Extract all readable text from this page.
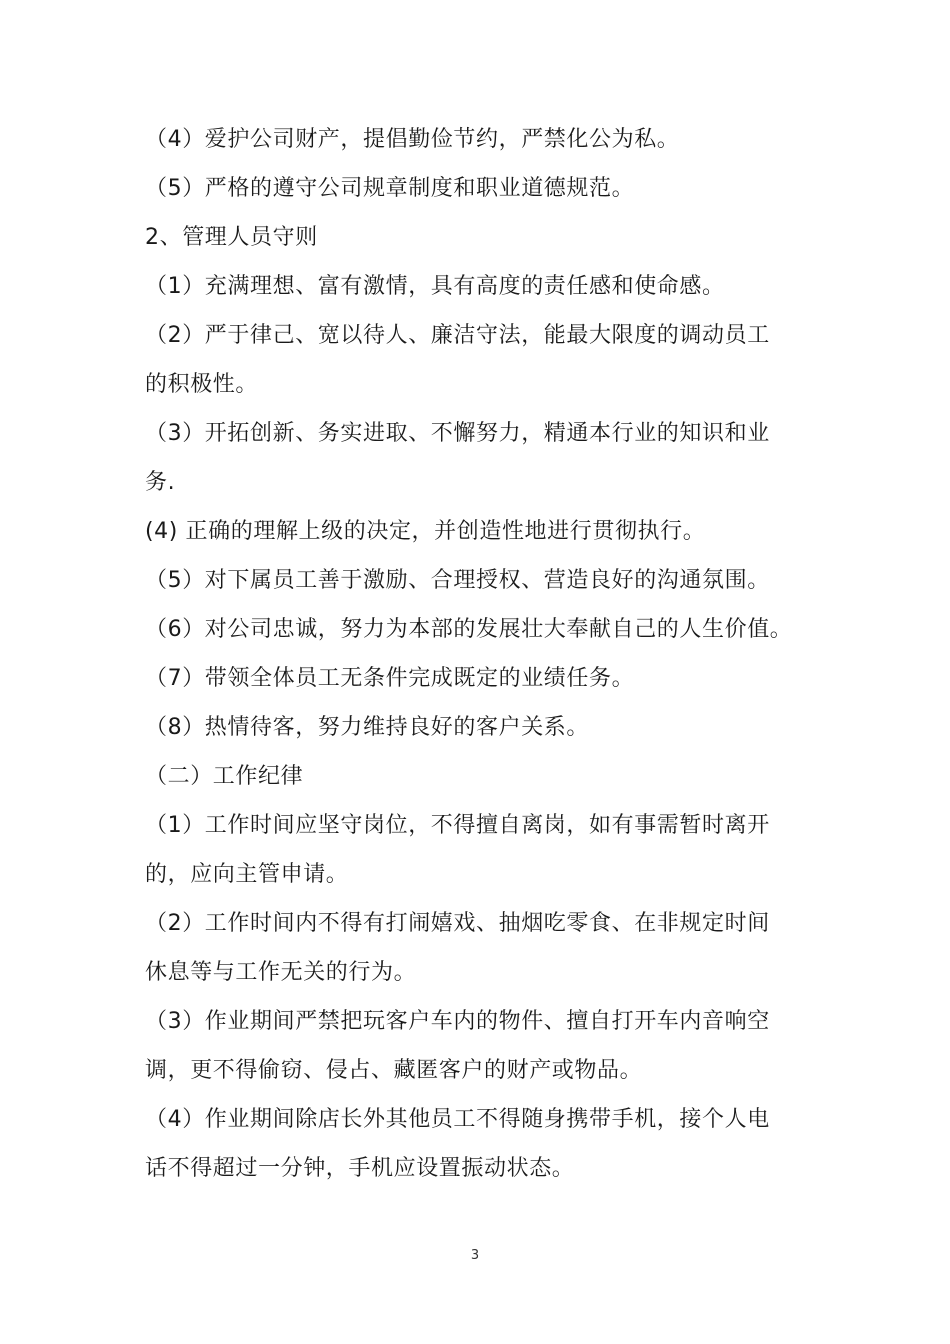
（4）爱护公司财产，提倡勤俭节约，严禁化公为私。
（5）严格的遵守公司规章制度和职业道德规范。
2、管理人员守则
（1）充满理想、富有激情，具有高度的责任感和使命感。
（2）严于律己、宽以待人、廉洁守法，能最大限度的调动员工
的积极性。
（3）开拓创新、务实进取、不懈努力，精通本行业的知识和业
务.
(4) 正确的理解上级的决定，并创造性地进行贯彻执行。
（5）对下属员工善于激励、合理授权、营造良好的沟通氛围。
（6）对公司忠诚，努力为本部的发展壮大奉献自己的人生价值。
（7）带领全体员工无条件完成既定的业绩任务。
（8）热情待客，努力维持良好的客户关系。
（二）工作纪律
（1）工作时间应坚守岗位，不得擅自离岗，如有事需暂时离开
的，应向主管申请。
（2）工作时间内不得有打闹嬉戏、抽烟吃零食、在非规定时间
休息等与工作无关的行为。
（3）作业期间严禁把玩客户车内的物件、擅自打开车内音响空
调，更不得偷窃、侵占、藏匿客户的财产或物品。
（4）作业期间除店长外其他员工不得随身携带手机，接个人电
话不得超过一分钟，手机应设置振动状态。
3
